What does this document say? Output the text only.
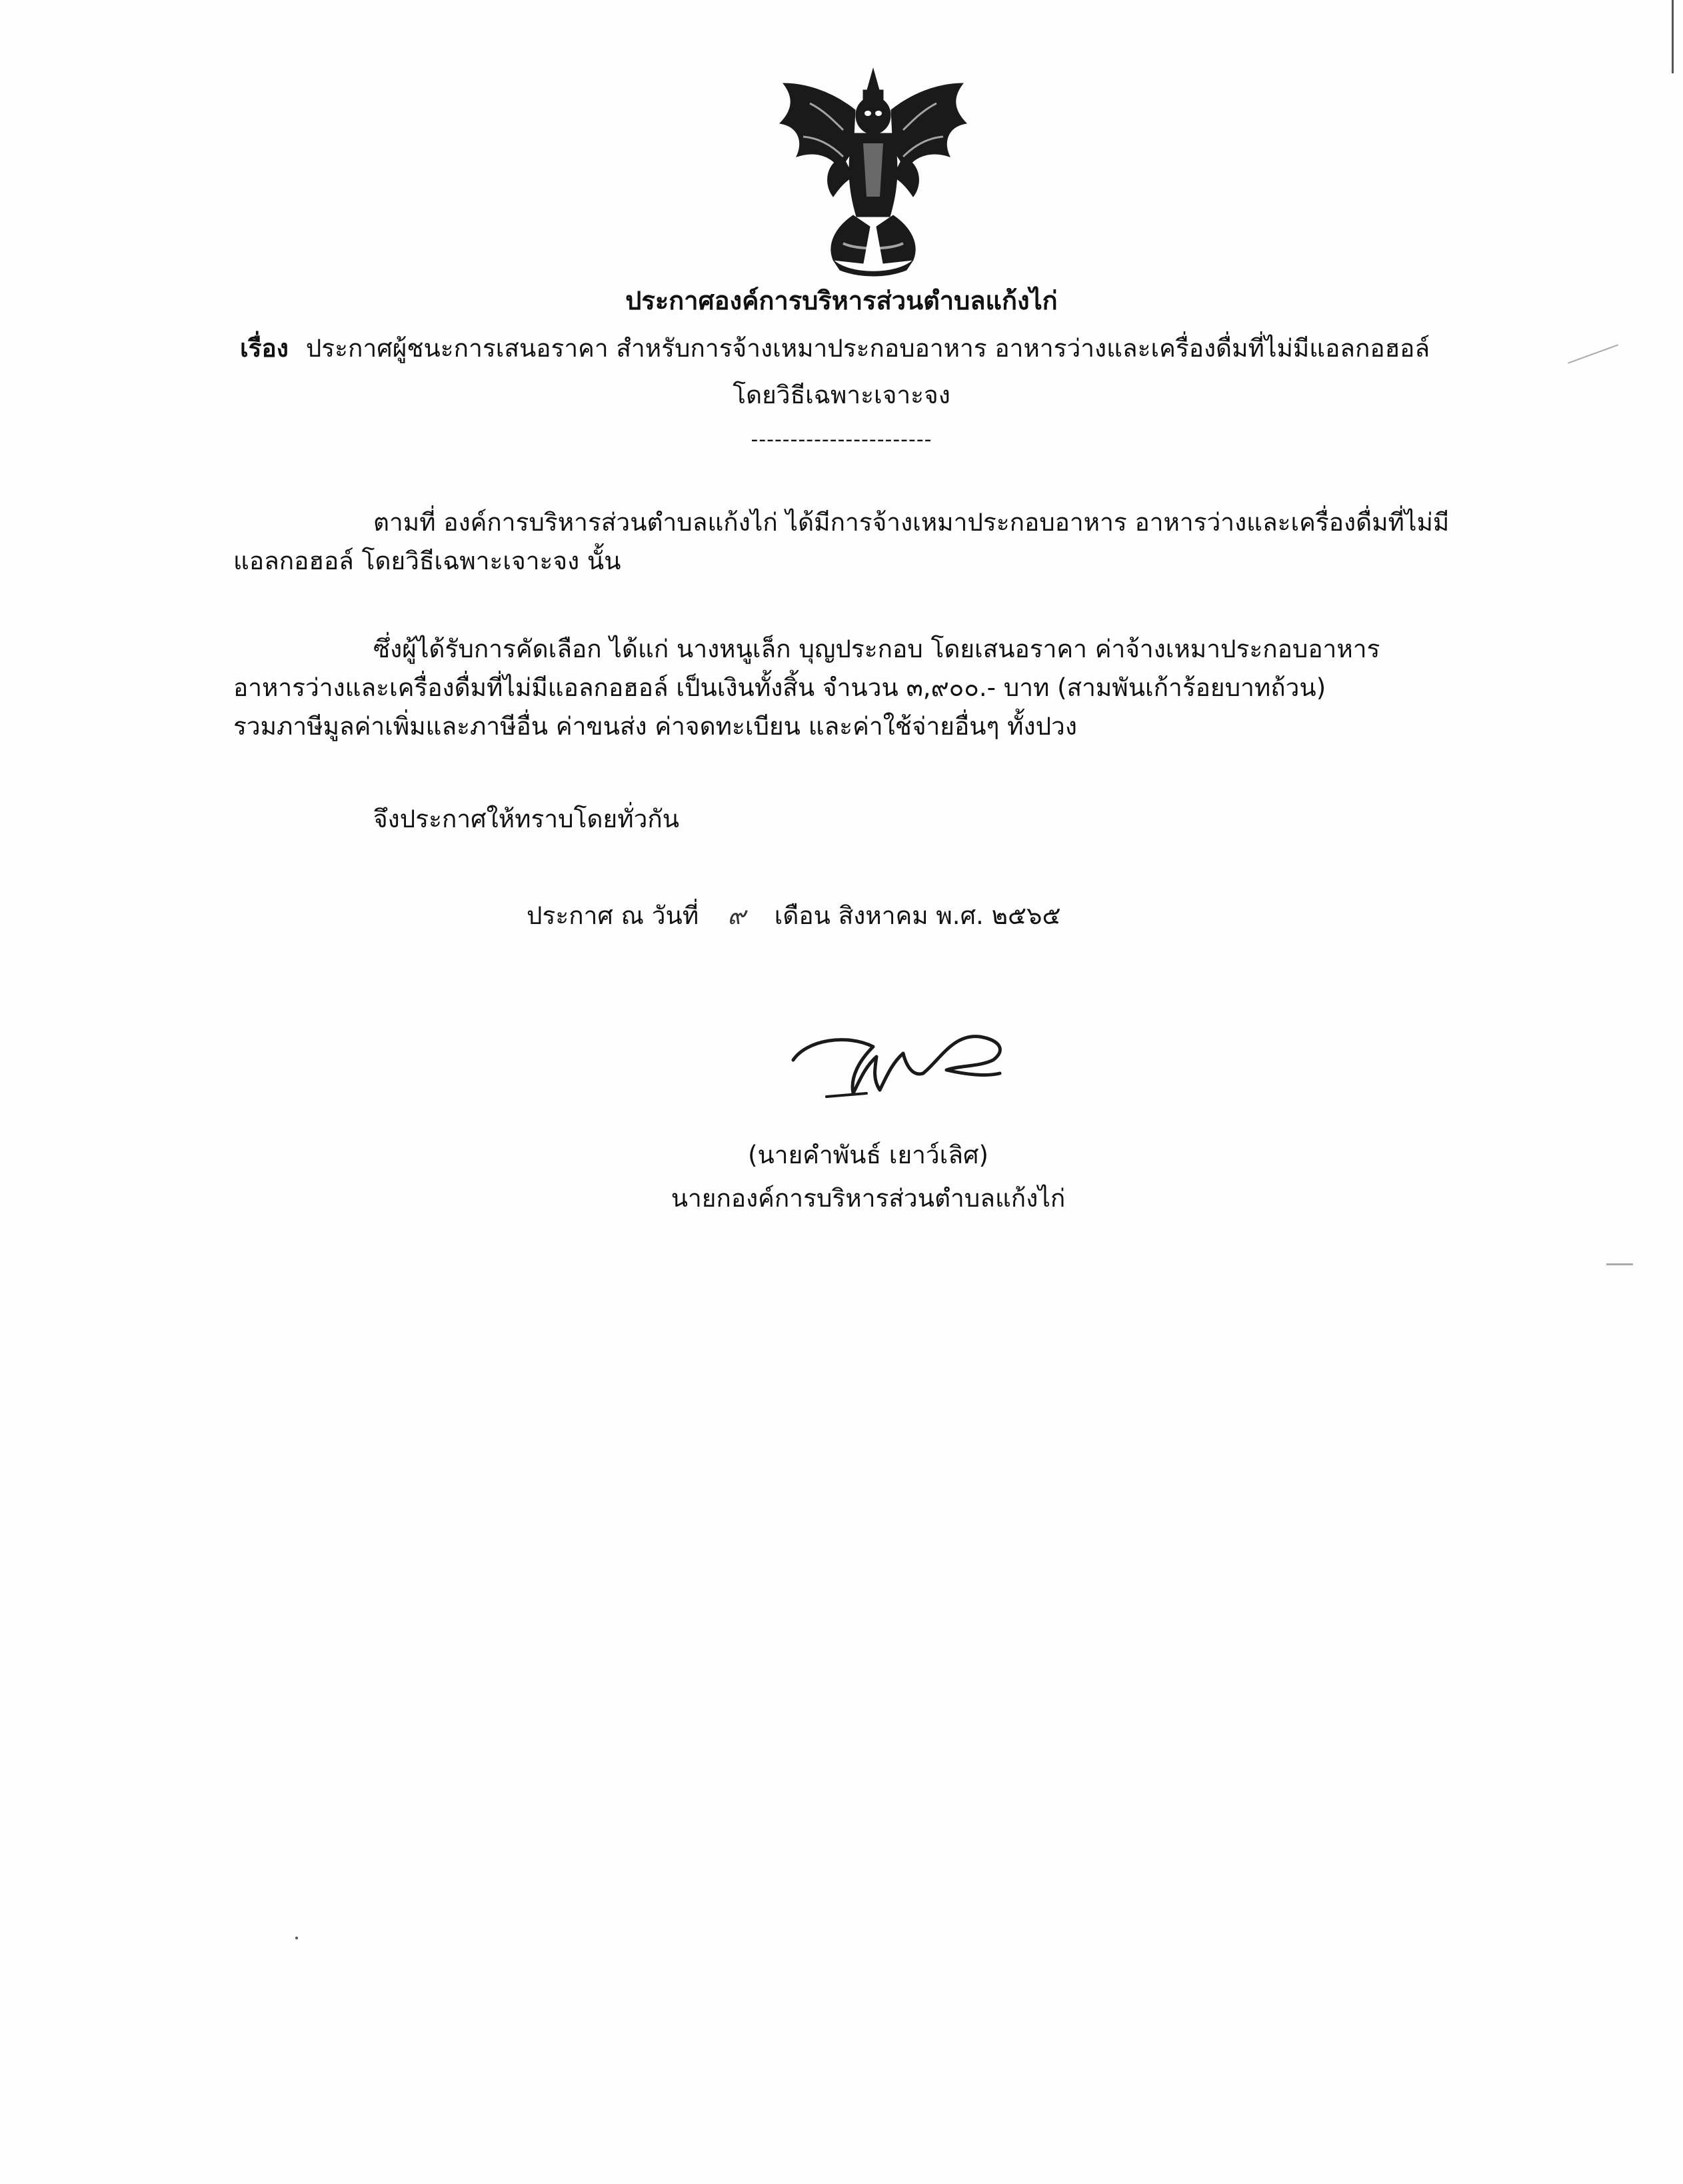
ประกาศองค์การบริหารส่วนตำบลแก้งไก่
เรื่อง ประกาศผู้ชนะการเสนอราคา สำหรับการจ้างเหมาประกอบอาหาร อาหารว่างและเครื่องดื่มที่ไม่มีแอลกอฮอล์
โดยวิธีเฉพาะเจาะจง
-----------------------
ตามที่ องค์การบริหารส่วนตำบลแก้งไก่ ได้มีการจ้างเหมาประกอบอาหาร อาหารว่างและเครื่องดื่มที่ไม่มี
แอลกอฮอล์ โดยวิธีเฉพาะเจาะจง นั้น
ซึ่งผู้ได้รับการคัดเลือก ได้แก่ นางหนูเล็ก บุญประกอบ โดยเสนอราคา ค่าจ้างเหมาประกอบอาหาร
อาหารว่างและเครื่องดื่มที่ไม่มีแอลกอฮอล์ เป็นเงินทั้งสิ้น จำนวน ๓,๙๐๐.- บาท (สามพันเก้าร้อยบาทถ้วน)
รวมภาษีมูลค่าเพิ่มและภาษีอื่น ค่าขนส่ง ค่าจดทะเบียน และค่าใช้จ่ายอื่นๆ ทั้งปวง
จึงประกาศให้ทราบโดยทั่วกัน
ประกาศ ณ วันที่ ๙ เดือน สิงหาคม พ.ศ. ๒๕๖๕
(นายคำพันธ์ เยาว์เลิศ)
นายกองค์การบริหารส่วนตำบลแก้งไก่
